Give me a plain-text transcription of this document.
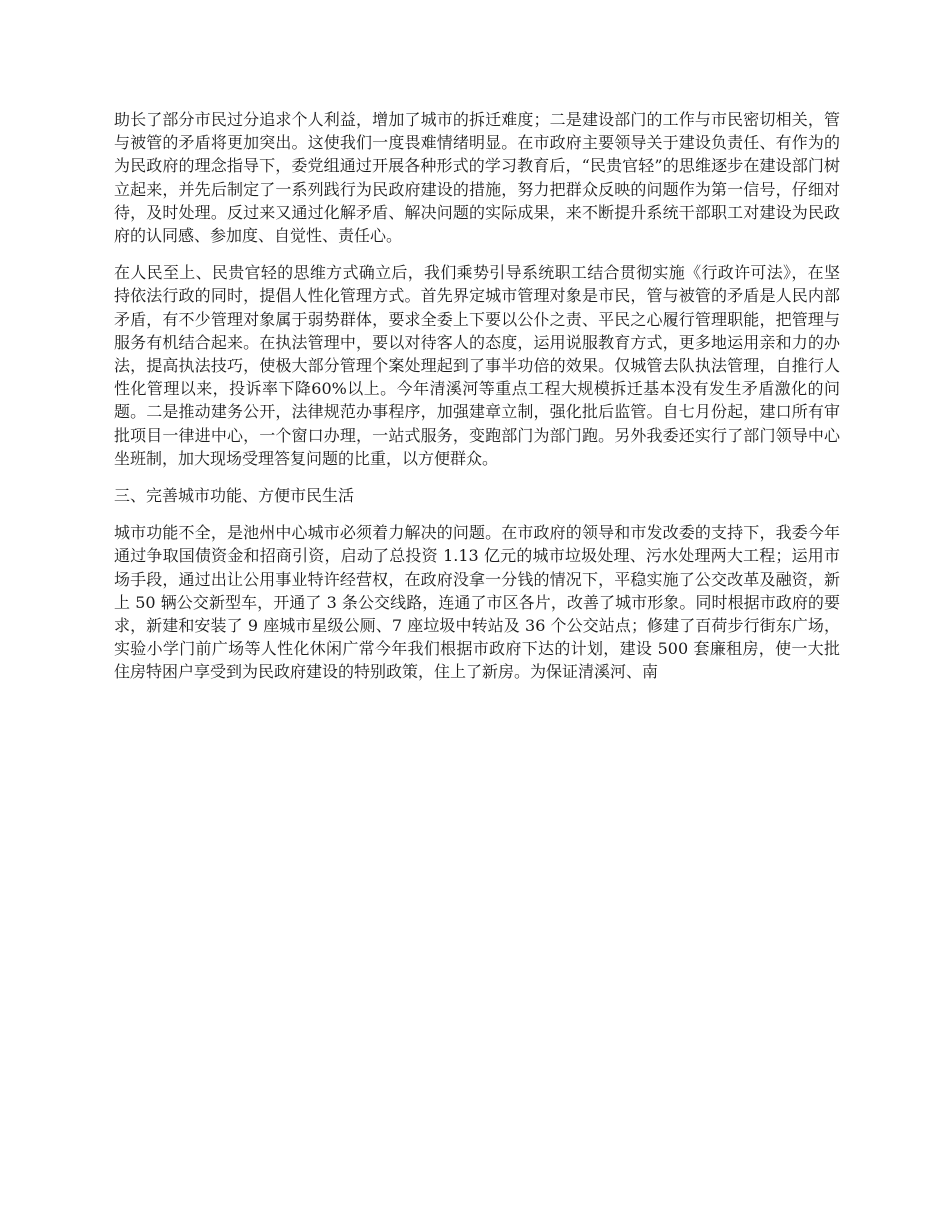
助长了部分市民过分追求个人利益，增加了城市的拆迁难度；二是建设部门的工作与市民密切相关，管与被管的矛盾将更加突出。这使我们一度畏难情绪明显。在市政府主要领导关于建设负责任、有作为的为民政府的理念指导下，委党组通过开展各种形式的学习教育后，“民贵官轻”的思维逐步在建设部门树立起来，并先后制定了一系列践行为民政府建设的措施，努力把群众反映的问题作为第一信号，仔细对待，及时处理。反过来又通过化解矛盾、解决问题的实际成果，来不断提升系统干部职工对建设为民政府的认同感、参加度、自觉性、责任心。

在人民至上、民贵官轻的思维方式确立后，我们乘势引导系统职工结合贯彻实施《行政许可法》，在坚持依法行政的同时，提倡人性化管理方式。首先界定城市管理对象是市民，管与被管的矛盾是人民内部矛盾，有不少管理对象属于弱势群体，要求全委上下要以公仆之责、平民之心履行管理职能，把管理与服务有机结合起来。在执法管理中，要以对待客人的态度，运用说服教育方式，更多地运用亲和力的办法，提高执法技巧，使极大部分管理个案处理起到了事半功倍的效果。仅城管去队执法管理，自推行人性化管理以来，投诉率下降60%以上。今年清溪河等重点工程大规模拆迁基本没有发生矛盾激化的问题。二是推动建务公开，法律规范办事程序，加强建章立制，强化批后监管。自七月份起，建口所有审批项目一律进中心，一个窗口办理，一站式服务，变跑部门为部门跑。另外我委还实行了部门领导中心坐班制，加大现场受理答复问题的比重，以方便群众。

三、完善城市功能、方便市民生活

城市功能不全，是池州中心城市必须着力解决的问题。在市政府的领导和市发改委的支持下，我委今年通过争取国债资金和招商引资，启动了总投资 1.13 亿元的城市垃圾处理、污水处理两大工程；运用市场手段，通过出让公用事业特许经营权，在政府没拿一分钱的情况下，平稳实施了公交改革及融资，新上 50 辆公交新型车，开通了 3 条公交线路，连通了市区各片，改善了城市形象。同时根据市政府的要求，新建和安装了 9 座城市星级公厕、7 座垃圾中转站及 36 个公交站点；修建了百荷步行街东广场，实验小学门前广场等人性化休闲广常今年我们根据市政府下达的计划，建设 500 套廉租房，使一大批住房特困户享受到为民政府建设的特别政策，住上了新房。为保证清溪河、南
